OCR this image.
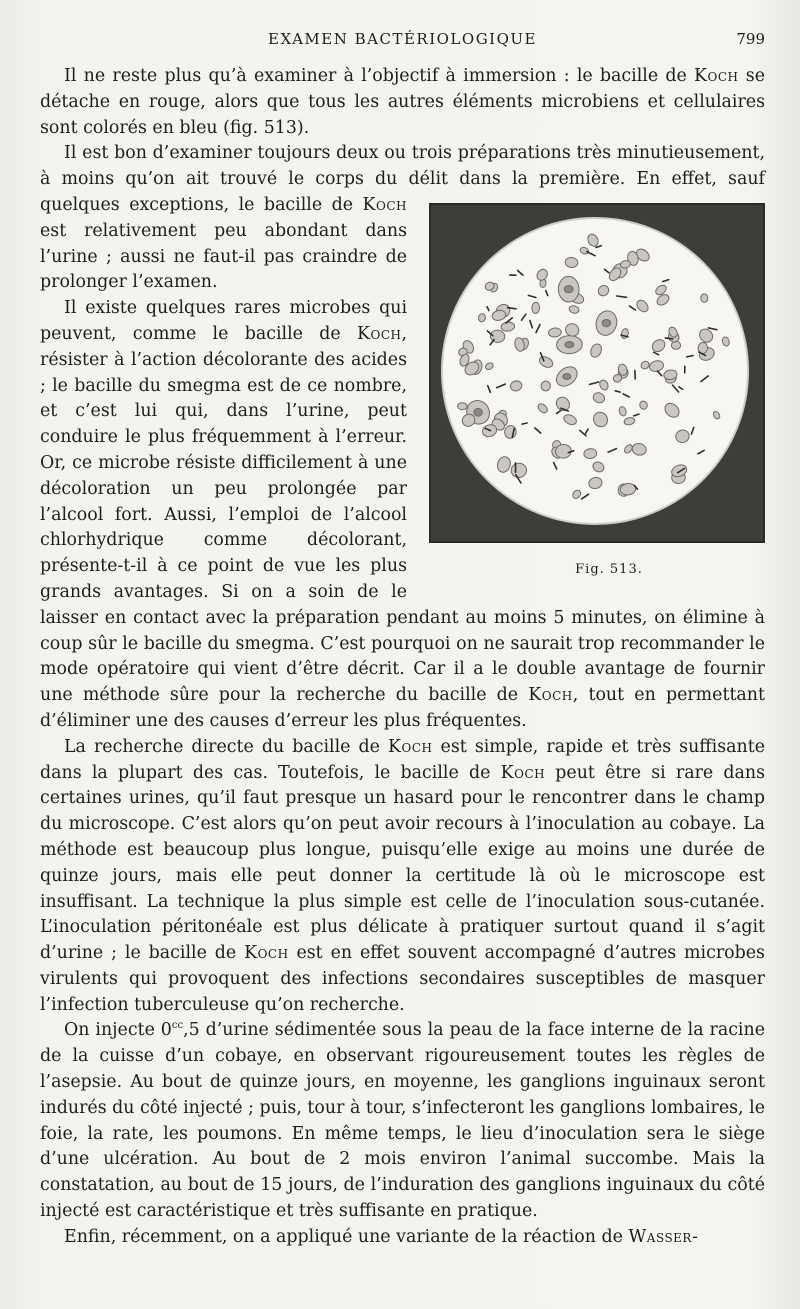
EXAMEN BACTÉRIOLOGIQUE	799

Il ne reste plus qu’à examiner à l’objectif à immersion : le bacille de Koch se détache en rouge, alors que tous les autres éléments microbiens et cellulaires sont colorés en bleu (fig. 513).

Il est bon d’examiner toujours deux ou trois préparations très minutieusement, à moins qu’on ait trouvé le corps du délit dans la première. En effet, sauf quelques exceptions, le bacille de
Fig. 513.
Koch est relativement peu abondant dans l’urine ; aussi ne faut-il pas craindre de prolonger l’examen.

Il existe quelques rares microbes qui peuvent, comme le bacille de Koch, résister à l’action décolorante des acides ; le bacille du smegma est de ce nombre, et c’est lui qui, dans l’urine, peut conduire le plus fréquemment à l’erreur. Or, ce microbe résiste difficilement à une décoloration un peu prolongée par l’alcool fort. Aussi, l’emploi de l’alcool chlorhydrique comme décolorant, présente-t-il à ce point de vue les plus grands avantages. Si on a soin de le laisser en contact avec la préparation pendant au moins 5 minutes, on élimine à coup sûr le bacille du smegma. C’est pourquoi on ne saurait trop recommander le mode opératoire qui vient d’être décrit. Car il a le double avantage de fournir une méthode sûre pour la recherche du bacille de Koch, tout en permettant d’éliminer une des causes d’erreur les plus fréquentes.

La recherche directe du bacille de Koch est simple, rapide et très suffisante dans la plupart des cas. Toutefois, le bacille de Koch peut être si rare dans certaines urines, qu’il faut presque un hasard pour le rencontrer dans le champ du microscope. C’est alors qu’on peut avoir recours à l’inoculation au cobaye. La méthode est beaucoup plus longue, puisqu’elle exige au moins une durée de quinze jours, mais elle peut donner la certitude là où le microscope est insuffisant. La technique la plus simple est celle de l’inoculation sous-cutanée. L’inoculation péritonéale est plus délicate à pratiquer surtout quand il s’agit d’urine ; le bacille de Koch est en effet souvent accompagné d’autres microbes virulents qui provoquent des infections secondaires susceptibles de masquer l’infection tuberculeuse qu’on recherche.

On injecte $0^{cc},5$ d’urine sédimentée sous la peau de la face interne de la racine de la cuisse d’un cobaye, en observant rigoureusement toutes les règles de l’asepsie. Au bout de quinze jours, en moyenne, les ganglions inguinaux seront indurés du côté injecté ; puis, tour à tour, s’infecteront les ganglions lombaires, le foie, la rate, les poumons. En même temps, le lieu d’inoculation sera le siège d’une ulcération. Au bout de 2 mois environ l’animal succombe. Mais la constatation, au bout de 15 jours, de l’induration des ganglions inguinaux du côté injecté est caractéristique et très suffisante en pratique.

Enfin, récemment, on a appliqué une variante de la réaction de Wasser-
